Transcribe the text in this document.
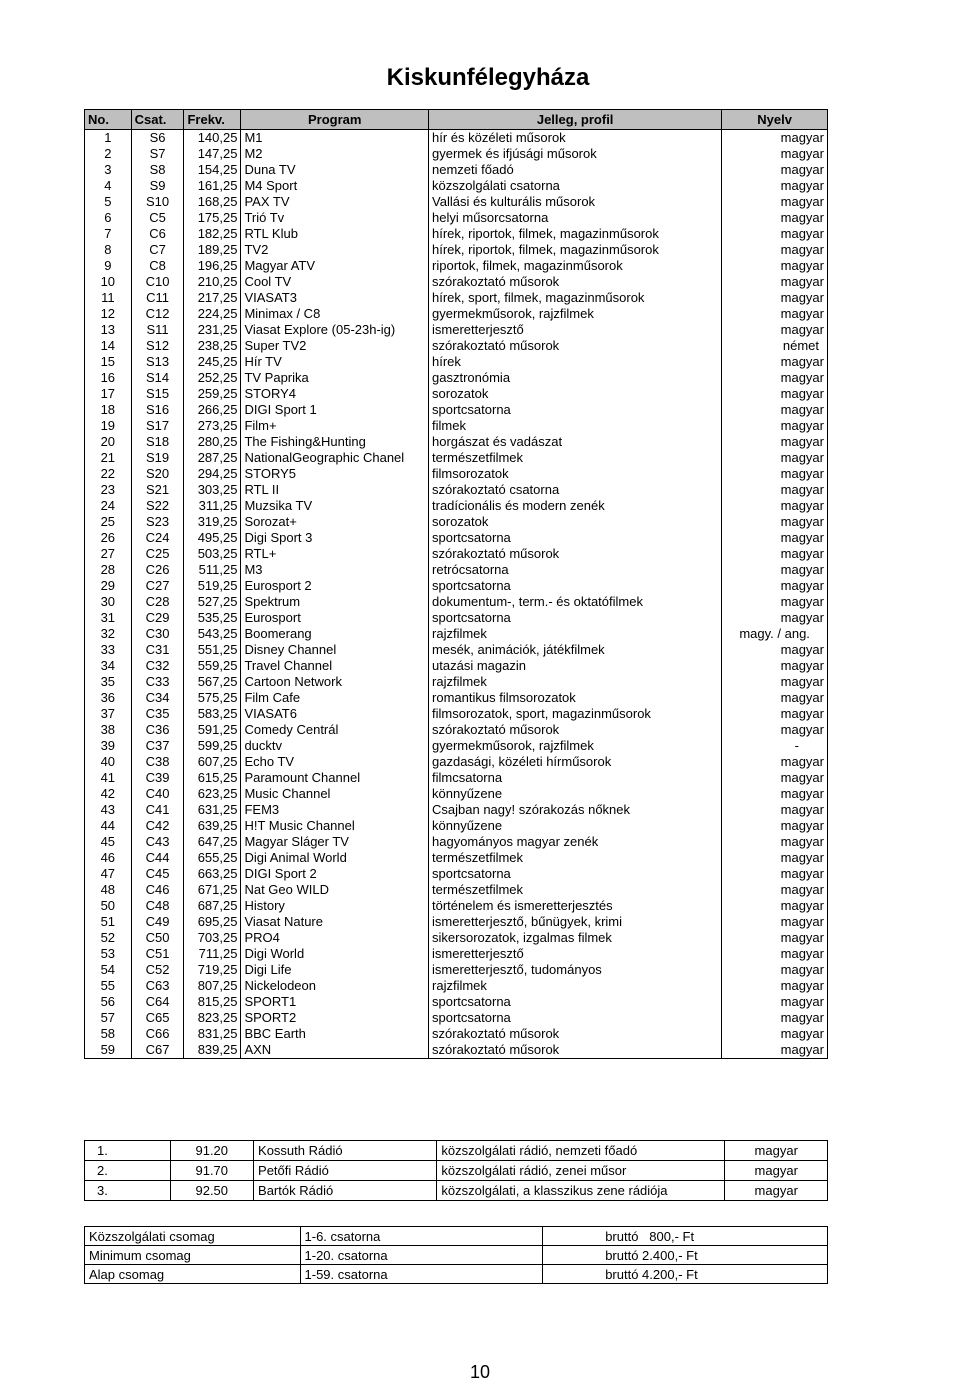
Készítés időpontja:	2012. november 29. Hatályos: 2016.május 01
Módosítás időpontja:	2016. április 01.
Kiskunfélegyháza
No.	Csat.	Frekv.	Program	Jelleg, profil	Nyelv
1	S6	140,25	M1	hír és közéleti műsorok	magyar
2	S7	147,25	M2	gyermek és ifjúsági műsorok	magyar
3	S8	154,25	Duna TV	nemzeti főadó	magyar
4	S9	161,25	M4 Sport	közszolgálati csatorna	magyar
5	S10	168,25	PAX TV	Vallási és kulturális műsorok	magyar
6	C5	175,25	Trió Tv	helyi műsorcsatorna	magyar
7	C6	182,25	RTL Klub	hírek, riportok, filmek, magazinműsorok	magyar
8	C7	189,25	TV2	hírek, riportok, filmek, magazinműsorok	magyar
9	C8	196,25	Magyar ATV	riportok, filmek, magazinműsorok	magyar
10	C10	210,25	Cool TV	szórakoztató műsorok	magyar
11	C11	217,25	VIASAT3	hírek, sport, filmek, magazinműsorok	magyar
12	C12	224,25	Minimax / C8	gyermekműsorok, rajzfilmek	magyar
13	S11	231,25	Viasat Explore (05-23h-ig)	ismeretterjesztő	magyar
14	S12	238,25	Super TV2	szórakoztató műsorok	német
15	S13	245,25	Hír TV	hírek	magyar
16	S14	252,25	TV Paprika	gasztronómia	magyar
17	S15	259,25	STORY4	sorozatok	magyar
18	S16	266,25	DIGI Sport 1	sportcsatorna	magyar
19	S17	273,25	Film+	filmek	magyar
20	S18	280,25	The Fishing&Hunting	horgászat és vadászat	magyar
21	S19	287,25	NationalGeographic Chanel	természetfilmek	magyar
22	S20	294,25	STORY5	filmsorozatok	magyar
23	S21	303,25	RTL II	szórakoztató csatorna	magyar
24	S22	311,25	Muzsika TV	tradícionális és modern zenék	magyar
25	S23	319,25	Sorozat+	sorozatok	magyar
26	C24	495,25	Digi Sport 3	sportcsatorna	magyar
27	C25	503,25	RTL+	szórakoztató műsorok	magyar
28	C26	511,25	M3	retrócsatorna	magyar
29	C27	519,25	Eurosport 2	sportcsatorna	magyar
30	C28	527,25	Spektrum	dokumentum-, term.- és oktatófilmek	magyar
31	C29	535,25	Eurosport	sportcsatorna	magyar
32	C30	543,25	Boomerang	rajzfilmek	magy. / ang.
33	C31	551,25	Disney Channel	mesék, animációk, játékfilmek	magyar
34	C32	559,25	Travel Channel	utazási magazin	magyar
35	C33	567,25	Cartoon Network	rajzfilmek	magyar
36	C34	575,25	Film Cafe	romantikus filmsorozatok	magyar
37	C35	583,25	VIASAT6	filmsorozatok, sport, magazinműsorok	magyar
38	C36	591,25	Comedy Centrál	szórakoztató műsorok	magyar
39	C37	599,25	ducktv	gyermekműsorok, rajzfilmek	-
40	C38	607,25	Echo TV	gazdasági, közéleti hírműsorok	magyar
41	C39	615,25	Paramount Channel	filmcsatorna	magyar
42	C40	623,25	Music Channel	könnyűzene	magyar
43	C41	631,25	FEM3	Csajban nagy! szórakozás nőknek	magyar
44	C42	639,25	H!T Music Channel	könnyűzene	magyar
45	C43	647,25	Magyar Sláger TV	hagyományos magyar zenék	magyar
46	C44	655,25	Digi Animal World	természetfilmek	magyar
47	C45	663,25	DIGI Sport 2	sportcsatorna	magyar
48	C46	671,25	Nat Geo WILD	természetfilmek	magyar
50	C48	687,25	History	történelem és ismeretterjesztés	magyar
51	C49	695,25	Viasat Nature	ismeretterjesztő, bűnügyek, krimi	magyar
52	C50	703,25	PRO4	sikersorozatok, izgalmas filmek	magyar
53	C51	711,25	Digi World	ismeretterjesztő	magyar
54	C52	719,25	Digi Life	ismeretterjesztő, tudományos	magyar
55	C63	807,25	Nickelodeon	rajzfilmek	magyar
56	C64	815,25	SPORT1	sportcsatorna	magyar
57	C65	823,25	SPORT2	sportcsatorna	magyar
58	C66	831,25	BBC Earth	szórakoztató műsorok	magyar
59	C67	839,25	AXN	szórakoztató műsorok	magyar
1.	91.20	Kossuth Rádió	közszolgálati rádió, nemzeti főadó	magyar
2.	91.70	Petőfi Rádió	közszolgálati rádió, zenei műsor	magyar
3.	92.50	Bartók Rádió	közszolgálati, a klasszikus zene rádiója	magyar
Közszolgálati csomag	1-6. csatorna	bruttó   800,- Ft
Minimum csomag	1-20. csatorna	bruttó 2.400,- Ft
Alap csomag	1-59. csatorna	bruttó 4.200,- Ft
10
